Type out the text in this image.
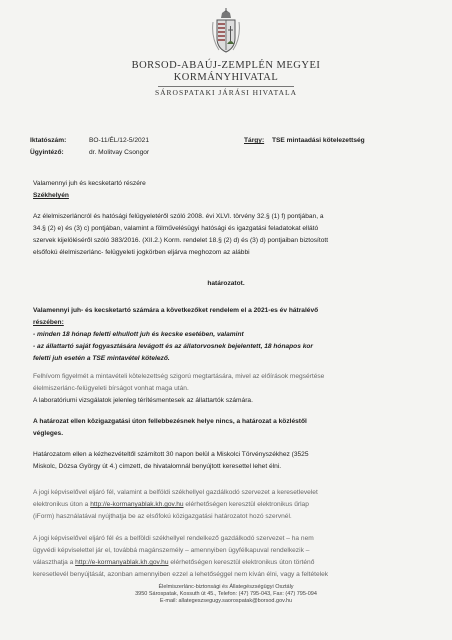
BORSOD-ABAÚJ-ZEMPLÉN MEGYEI
KORMÁNYHIVATAL
SÁROSPATAKI JÁRÁSI HIVATALA
Iktatószám:	BO-11/ÉL/12-5/2021	Tárgy: TSE mintaadási kötelezettség
Ügyintéző:	dr. Molitvay Csongor
Valamennyi juh és kecsketartó részére
Székhelyén
Az élelmiszerláncról és hatósági felügyeletéről szóló 2008. évi XLVI. törvény 32.§ (1) f) pontjában, a
34.§ (2) e) és (3) c) pontjában, valamint a fölművelésügyi hatósági és igazgatási feladatokat ellátó
szervek kijelöléséről szóló 383/2016. (XII.2.) Korm. rendelet 18.§ (2) d) és (3) d) pontjaiban biztosított
elsőfokú élelmiszerlánc- felügyeleti jogkörben eljárva meghozom az alábbi
határozatot.
Valamennyi juh- és kecsketartó számára a következőket rendelem el a 2021-es év hátralévő
részében:
- minden 18 hónap feletti elhullott juh és kecske esetében, valamint
- az állattartó saját fogyasztására levágott és az állatorvosnek bejelentett, 18 hónapos kor
feletti juh esetén a TSE mintavétel kötelező.
Felhívom figyelmét a mintavételi kötelezettség szigorú megtartására, mivel az előírások megsértése
élelmiszerlánc-felügyeleti bírságot vonhat maga után.
A laboratóriumi vizsgálatok jelenleg térítésmentesek az állattartók számára.
A határozat ellen közigazgatási úton fellebbezésnek helye nincs, a határozat a közléstől
végleges.
Határozatom ellen a kézhezvételtől számított 30 napon belül a Miskolci Törvényszékhez (3525
Miskolc, Dózsa György út 4.) címzett, de hivatalomnál benyújtott keresettel lehet élni.
A jogi képviselővel eljáró fél, valamint a belföldi székhellyel gazdálkodó szervezet a keresetlevelet
elektronikus úton a http://e-kormanyablak.kh.gov.hu elérhetőségen keresztül elektronikus űrlap
(iForm) használatával nyújthatja be az elsőfokú közigazgatási határozatot hozó szervnél.
A jogi képviselővel eljáró fél és a belföldi székhellyel rendelkező gazdálkodó szervezet – ha nem
ügyvédi képviselettel jár el, továbbá magánszemély – amennyiben ügyfélkapuval rendelkezik –
választhatja a http://e-kormanyablak.kh.gov.hu elérhetőségen keresztül elektronikus úton történő
keresetlevél benyújtását, azonban amennyiben ezzel a lehetőséggel nem kíván élni, vagy a feltételek
Élelmiszerlánc-biztonsági és Állategészségügyi Osztály
3950 Sárospatak, Kossuth út 45., Telefon: (47) 795-043, Fax: (47) 795-094
E-mail: allategeszsegugy.saorospatak@borsod.gov.hu
